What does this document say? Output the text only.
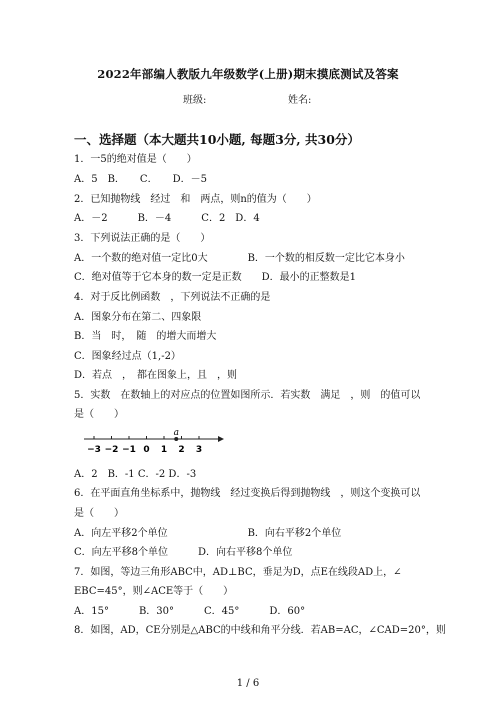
2022年部编人教版九年级数学(上册)期末摸底测试及答案
班级:	姓名:
一、选择题（本大题共10小题, 每题3分, 共30分）
1．一5的绝对值是（　　）
A．5　B．　　C．　　D．－5
2．已知抛物线　经过　和　两点，则n的值为（　　）
A．－2　　　B．－4　　　C．2　D．4
3．下列说法正确的是（　　）
A．一个数的绝对值一定比0大　　　　B．一个数的相反数一定比它本身小
C．绝对值等于它本身的数一定是正数　　D．最小的正整数是1
4．对于反比例函数　，下列说法不正确的是
A．图象分布在第二、四象限
B．当　时，　随　的增大而增大
C．图象经过点（1,-2）
D．若点　，　都在图象上，且　，则
5．实数　在数轴上的对应点的位置如图所示．若实数　满足　，则　的值可以
是（　　）
−3 −2 −1 0 1 2 3
a
A．2　B．-1 C．-2 D．-3
6．在平面直角坐标系中，抛物线　经过变换后得到抛物线　，则这个变换可以
是（　　）
A．向左平移2个单位　　　　　　　　B．向右平移2个单位
C．向左平移8个单位　　　D．向右平移8个单位
7．如图，等边三角形ABC中，AD⊥BC，垂足为D，点E在线段AD上，∠
EBC=45°，则∠ACE等于（　　）
A．15°　　　B．30°　　　C．45°　　　D．60°
8．如图，AD，CE分别是△ABC的中线和角平分线．若AB=AC，∠CAD=20°，则
1 / 6
